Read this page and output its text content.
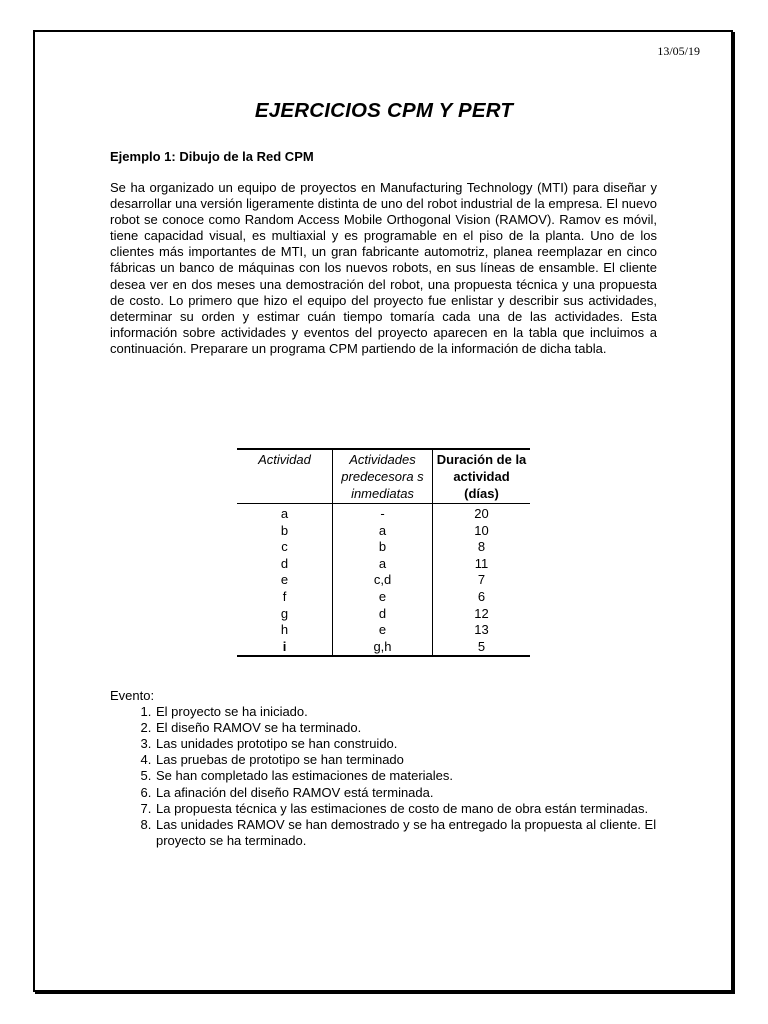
13/05/19
EJERCICIOS CPM Y PERT
Ejemplo 1: Dibujo de la Red CPM

Se ha organizado un equipo de proyectos en Manufacturing Technology (MTI) para diseñar y desarrollar una versión ligeramente distinta de uno del robot industrial de la empresa. El nuevo robot se conoce como Random Access Mobile Orthogonal Vision (RAMOV). Ramov es móvil, tiene capacidad visual, es multiaxial y es programable en el piso de la planta. Uno de los clientes más importantes de MTI, un gran fabricante automotriz, planea reemplazar en cinco fábricas un banco de máquinas con los nuevos robots, en sus líneas de ensamble. El cliente desea ver en dos meses una demostración del robot, una propuesta técnica y una propuesta de costo. Lo primero que hizo el equipo del proyecto fue enlistar y describir sus actividades, determinar su orden y estimar cuán tiempo tomaría cada una de las actividades. Esta información sobre actividades y eventos del proyecto aparecen en la tabla que incluimos a continuación. Preparare un programa CPM partiendo de la información de dicha tabla.

Actividad	Actividades predecesora s inmediatas	Duración de la actividad (días)
a	-	20
b	a	10
c	b	8
d	a	11
e	c,d	7
f	e	6
g	d	12
h	e	13
i	g,h	5
Evento:
1. El proyecto se ha iniciado.
2. El diseño RAMOV se ha terminado.
3. Las unidades prototipo se han construido.
4. Las pruebas de prototipo se han terminado
5. Se han completado las estimaciones de materiales.
6. La afinación del diseño RAMOV está terminada.
7. La propuesta técnica y las estimaciones de costo de mano de obra están terminadas.
8. Las unidades RAMOV se han demostrado y se ha entregado la propuesta al cliente. El proyecto se ha terminado.
